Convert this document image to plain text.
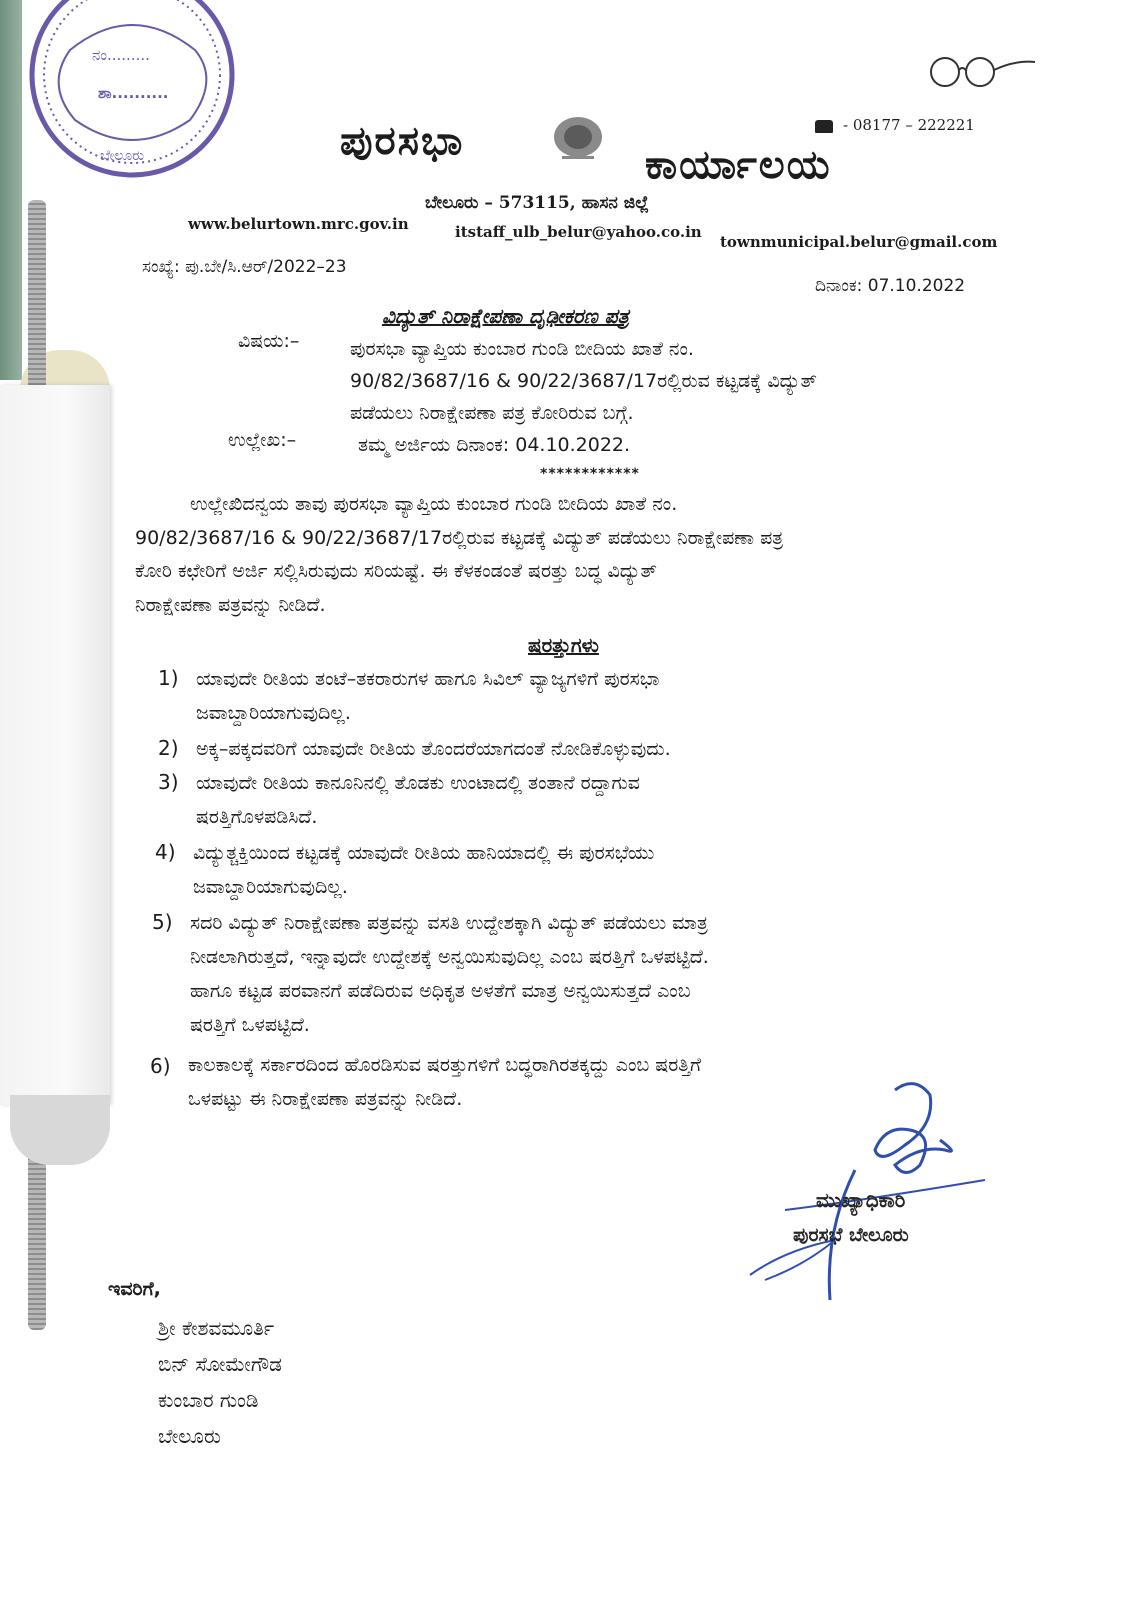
ನಂ.........
ಶಾ..........
ಬೇಲೂರು	ಪುರಸಭಾ
ಕಾರ್ಯಾಲಯ
- 08177 – 222221
ಬೇಲೂರು – 573115, ಹಾಸನ ಜಿಲ್ಲೆ
www.belurtown.mrc.gov.in	itstaff_ulb_belur@yahoo.co.in
townmunicipal.belur@gmail.com
ಸಂಖ್ಯೆ: ಪು.ಬೇ/ಸಿ.ಆರ್/2022–23
ದಿನಾಂಕ: 07.10.2022
ವಿದ್ಯುತ್ ನಿರಾಕ್ಷೇಪಣಾ ದೃಢೀಕರಣ ಪತ್ರ
ವಿಷಯ:–	ಪುರಸಭಾ ವ್ಯಾಪ್ತಿಯ ಕುಂಬಾರ ಗುಂಡಿ ಬೀದಿಯ ಖಾತೆ ನಂ.
90/82/3687/16 & 90/22/3687/17ರಲ್ಲಿರುವ ಕಟ್ಟಡಕ್ಕೆ ವಿದ್ಯುತ್
ಪಡೆಯಲು ನಿರಾಕ್ಷೇಪಣಾ ಪತ್ರ ಕೋರಿರುವ ಬಗ್ಗೆ.
ಉಲ್ಲೇಖ:–	ತಮ್ಮ ಅರ್ಜಿಯ ದಿನಾಂಕ: 04.10.2022.
************
ಉಲ್ಲೇಖಿದನ್ವಯ ತಾವು ಪುರಸಭಾ ವ್ಯಾಪ್ತಿಯ ಕುಂಬಾರ ಗುಂಡಿ ಬೀದಿಯ ಖಾತೆ ನಂ.
90/82/3687/16 & 90/22/3687/17ರಲ್ಲಿರುವ ಕಟ್ಟಡಕ್ಕೆ ವಿದ್ಯುತ್ ಪಡೆಯಲು ನಿರಾಕ್ಷೇಪಣಾ ಪತ್ರ
ಕೋರಿ ಕಛೇರಿಗೆ ಅರ್ಜಿ ಸಲ್ಲಿಸಿರುವುದು ಸರಿಯಷ್ಟೆ. ಈ ಕೆಳಕಂಡಂತೆ ಷರತ್ತು ಬದ್ಧ ವಿದ್ಯುತ್
ನಿರಾಕ್ಷೇಪಣಾ ಪತ್ರವನ್ನು ನೀಡಿದೆ.
ಷರತ್ತುಗಳು
1) ಯಾವುದೇ ರೀತಿಯ ತಂಟೆ–ತಕರಾರುಗಳ ಹಾಗೂ ಸಿವಿಲ್ ವ್ಯಾಜ್ಯಗಳಿಗೆ ಪುರಸಭಾ
ಜವಾಬ್ದಾರಿಯಾಗುವುದಿಲ್ಲ.
2) ಅಕ್ಕ–ಪಕ್ಕದವರಿಗೆ ಯಾವುದೇ ರೀತಿಯ ತೊಂದರೆಯಾಗದಂತೆ ನೋಡಿಕೊಳ್ಳುವುದು.
3) ಯಾವುದೇ ರೀತಿಯ ಕಾನೂನಿನಲ್ಲಿ ತೊಡಕು ಉಂಟಾದಲ್ಲಿ ತಂತಾನೆ ರದ್ದಾಗುವ
ಷರತ್ತಿಗೊಳಪಡಿಸಿದೆ.
4) ವಿದ್ಯುತ್ಚಕ್ತಿಯಿಂದ ಕಟ್ಟಡಕ್ಕೆ ಯಾವುದೇ ರೀತಿಯ ಹಾನಿಯಾದಲ್ಲಿ ಈ ಪುರಸಭೆಯು
ಜವಾಬ್ದಾರಿಯಾಗುವುದಿಲ್ಲ.
5) ಸದರಿ ವಿದ್ಯುತ್ ನಿರಾಕ್ಷೇಪಣಾ ಪತ್ರವನ್ನು ವಸತಿ ಉದ್ದೇಶಕ್ಕಾಗಿ ವಿದ್ಯುತ್ ಪಡೆಯಲು ಮಾತ್ರ
ನೀಡಲಾಗಿರುತ್ತದೆ, ಇನ್ನಾವುದೇ ಉದ್ದೇಶಕ್ಕೆ ಅನ್ವಯಿಸುವುದಿಲ್ಲ ಎಂಬ ಷರತ್ತಿಗೆ ಒಳಪಟ್ಟಿದೆ.
ಹಾಗೂ ಕಟ್ಟಡ ಪರವಾನಗೆ ಪಡೆದಿರುವ ಅಧಿಕೃತ ಅಳತೆಗೆ ಮಾತ್ರ ಅನ್ವಯಿಸುತ್ತದೆ ಎಂಬ
ಷರತ್ತಿಗೆ ಒಳಪಟ್ಟಿದೆ.
6) ಕಾಲಕಾಲಕ್ಕೆ ಸರ್ಕಾರದಿಂದ ಹೊರಡಿಸುವ ಷರತ್ತುಗಳಿಗೆ ಬದ್ಧರಾಗಿರತಕ್ಕದ್ದು ಎಂಬ ಷರತ್ತಿಗೆ
ಒಳಪಟ್ಟು ಈ ನಿರಾಕ್ಷೇಪಣಾ ಪತ್ರವನ್ನು ನೀಡಿದೆ.
ಮುಖ್ಯಾಧಿಕಾರಿ
ಪುರಸಭೆ ಬೇಲೂರು
ಇವರಿಗೆ,
ಶ್ರೀ ಕೇಶವಮೂರ್ತಿ
ಬಿನ್ ಸೋಮೇಗೌಡ
ಕುಂಬಾರ ಗುಂಡಿ
ಬೇಲೂರು
